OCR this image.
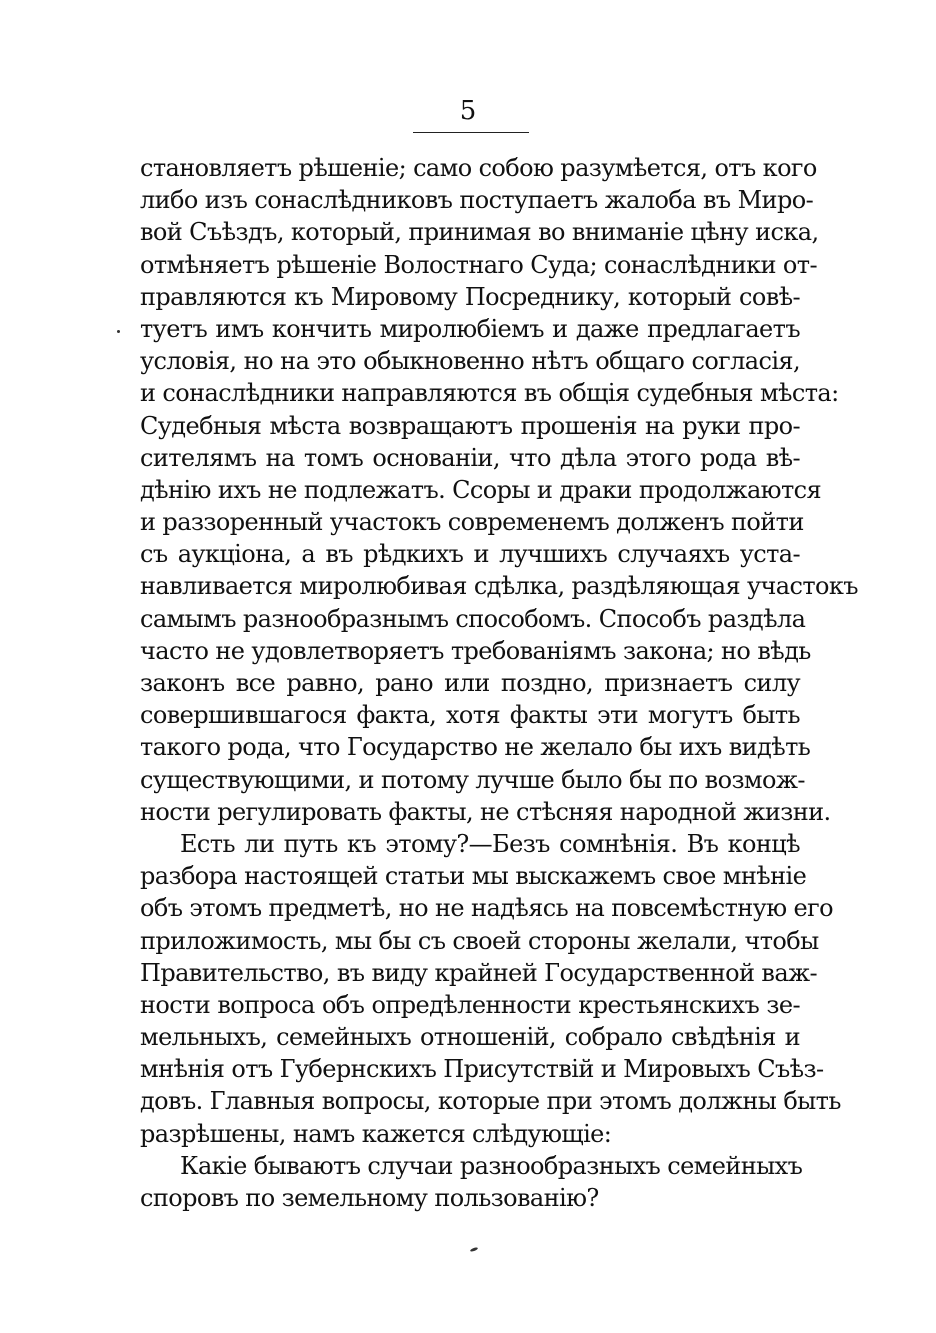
5
становляетъ рѣшеніе; само собою разумѣется, отъ кого
либо изъ сонаслѣдниковъ поступаетъ жалоба въ Миро-
вой Съѣздъ, который, принимая во вниманіе цѣну иска,
отмѣняетъ рѣшеніе Волостнаго Суда; сонаслѣдники от-
правляются къ Мировому Посреднику, который совѣ-
туетъ имъ кончить миролюбіемъ и даже предлагаетъ
условія, но на это обыкновенно нѣтъ общаго согласія,
и сонаслѣдники направляются въ общія судебныя мѣста:
Судебныя мѣста возвращаютъ прошенія на руки про-
сителямъ на томъ основаніи, что дѣла этого рода вѣ-
дѣнію ихъ не подлежатъ. Ссоры и драки продолжаются
и раззоренный участокъ современемъ долженъ пойти
съ аукціона, а въ рѣдкихъ и лучшихъ случаяхъ уста-
навливается миролюбивая сдѣлка, раздѣляющая участокъ
самымъ разнообразнымъ способомъ. Способъ раздѣла
часто не удовлетворяетъ требованіямъ закона; но вѣдь
законъ все равно, рано или поздно, признаетъ силу
совершившагося факта, хотя факты эти могутъ быть
такого рода, что Государство не желало бы ихъ видѣть
существующими, и потому лучше было бы по возмож-
ности регулировать факты, не стѣсняя народной жизни.
Есть ли путь къ этому?—Безъ сомнѣнія. Въ концѣ
разбора настоящей статьи мы выскажемъ свое мнѣніе
объ этомъ предметѣ, но не надѣясь на повсемѣстную его
приложимость, мы бы съ своей стороны желали, чтобы
Правительство, въ виду крайней Государственной важ-
ности вопроса объ опредѣленности крестьянскихъ зе-
мельныхъ, семейныхъ отношеній, собрало свѣдѣнія и
мнѣнія отъ Губернскихъ Присутствій и Мировыхъ Съѣз-
довъ. Главныя вопросы, которые при этомъ должны быть
разрѣшены, намъ кажется слѣдующіе:
Какіе бываютъ случаи разнообразныхъ семейныхъ
споровъ по земельному пользованію?
